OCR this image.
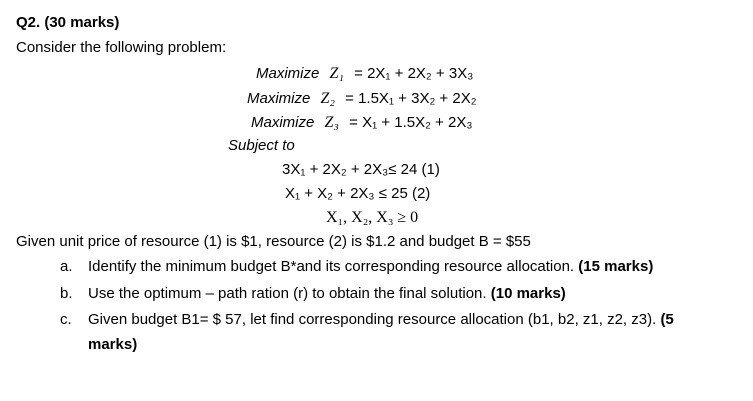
Q2. (30 marks)
Consider the following problem:
Maximize Z₁ = 2X₁ + 2X₂ + 3X₃
Maximize Z₂ = 1.5X₁ + 3X₂ + 2X₂
Maximize Z₃ = X₁ + 1.5X₂ + 2X₃
Subject to
3X₁ + 2X₂ + 2X₃≤ 24 (1)
X₁ + X₂ + 2X₃ ≤ 25 (2)
X₁, X₂, X₃ ≥ 0
Given unit price of resource (1) is $1, resource (2) is $1.2 and budget B = $55
a. Identify the minimum budget B*and its corresponding resource allocation. (15 marks)
b. Use the optimum – path ration (r) to obtain the final solution. (10 marks)
c. Given budget B1= $ 57, let find corresponding resource allocation (b1, b2, z1, z2, z3). (5
marks)
